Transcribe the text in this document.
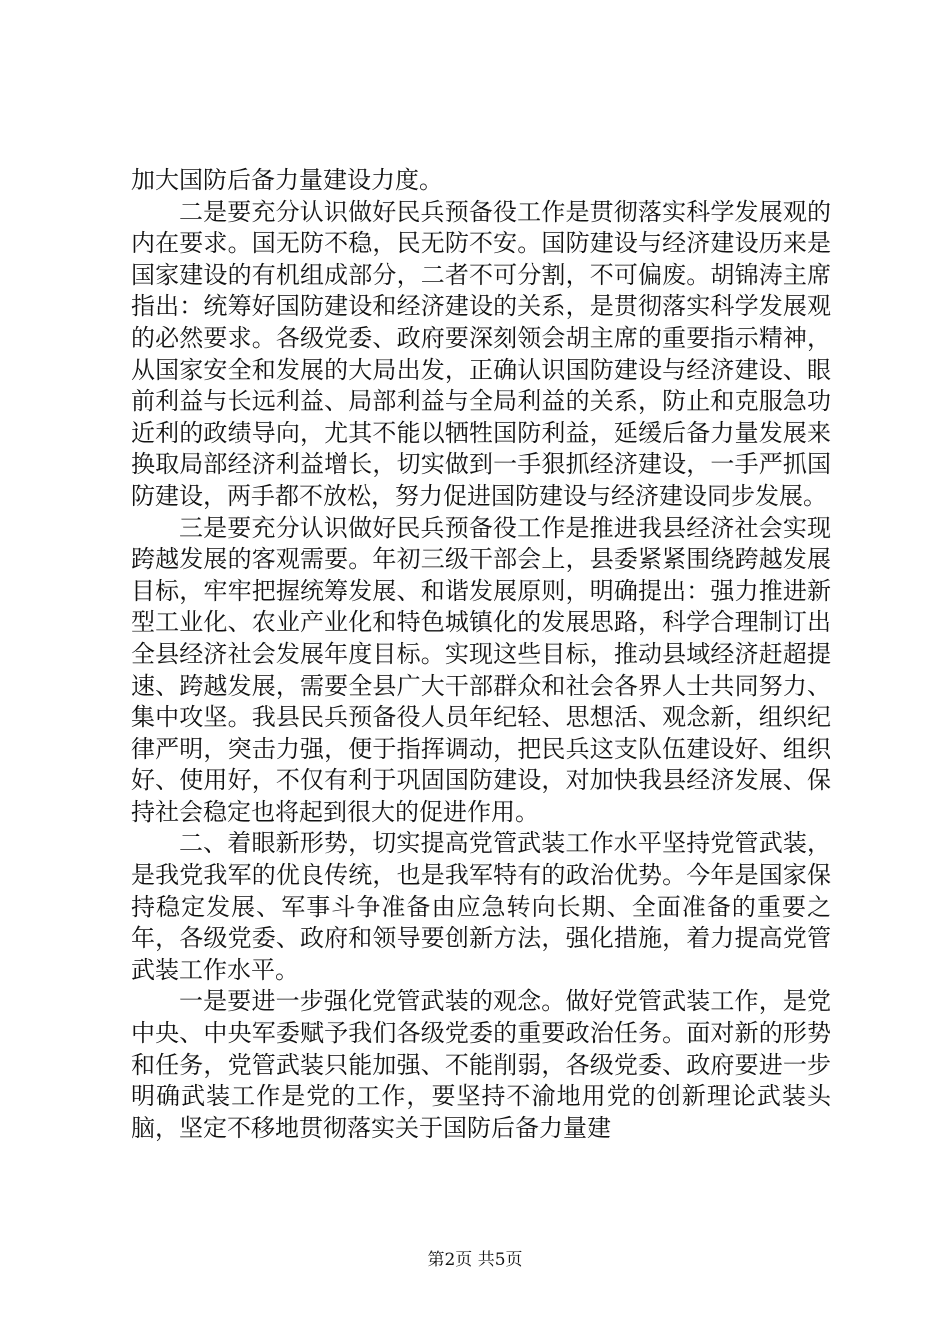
加大国防后备力量建设力度。

二是要充分认识做好民兵预备役工作是贯彻落实科学发展观的内在要求。国无防不稳，民无防不安。国防建设与经济建设历来是国家建设的有机组成部分，二者不可分割，不可偏废。胡锦涛主席指出：统筹好国防建设和经济建设的关系，是贯彻落实科学发展观的必然要求。各级党委、政府要深刻领会胡主席的重要指示精神，从国家安全和发展的大局出发，正确认识国防建设与经济建设、眼前利益与长远利益、局部利益与全局利益的关系，防止和克服急功近利的政绩导向，尤其不能以牺牲国防利益，延缓后备力量发展来换取局部经济利益增长，切实做到一手狠抓经济建设，一手严抓国防建设，两手都不放松，努力促进国防建设与经济建设同步发展。

三是要充分认识做好民兵预备役工作是推进我县经济社会实现跨越发展的客观需要。年初三级干部会上，县委紧紧围绕跨越发展目标，牢牢把握统筹发展、和谐发展原则，明确提出：强力推进新型工业化、农业产业化和特色城镇化的发展思路，科学合理制订出全县经济社会发展年度目标。实现这些目标，推动县域经济赶超提速、跨越发展，需要全县广大干部群众和社会各界人士共同努力、集中攻坚。我县民兵预备役人员年纪轻、思想活、观念新，组织纪律严明，突击力强，便于指挥调动，把民兵这支队伍建设好、组织好、使用好，不仅有利于巩固国防建设，对加快我县经济发展、保持社会稳定也将起到很大的促进作用。

二、着眼新形势，切实提高党管武装工作水平坚持党管武装，是我党我军的优良传统，也是我军特有的政治优势。今年是国家保持稳定发展、军事斗争准备由应急转向长期、全面准备的重要之年，各级党委、政府和领导要创新方法，强化措施，着力提高党管武装工作水平。

一是要进一步强化党管武装的观念。做好党管武装工作，是党中央、中央军委赋予我们各级党委的重要政治任务。面对新的形势和任务，党管武装只能加强、不能削弱，各级党委、政府要进一步明确武装工作是党的工作，要坚持不渝地用党的创新理论武装头脑，坚定不移地贯彻落实关于国防后备力量建

第2页 共5页
